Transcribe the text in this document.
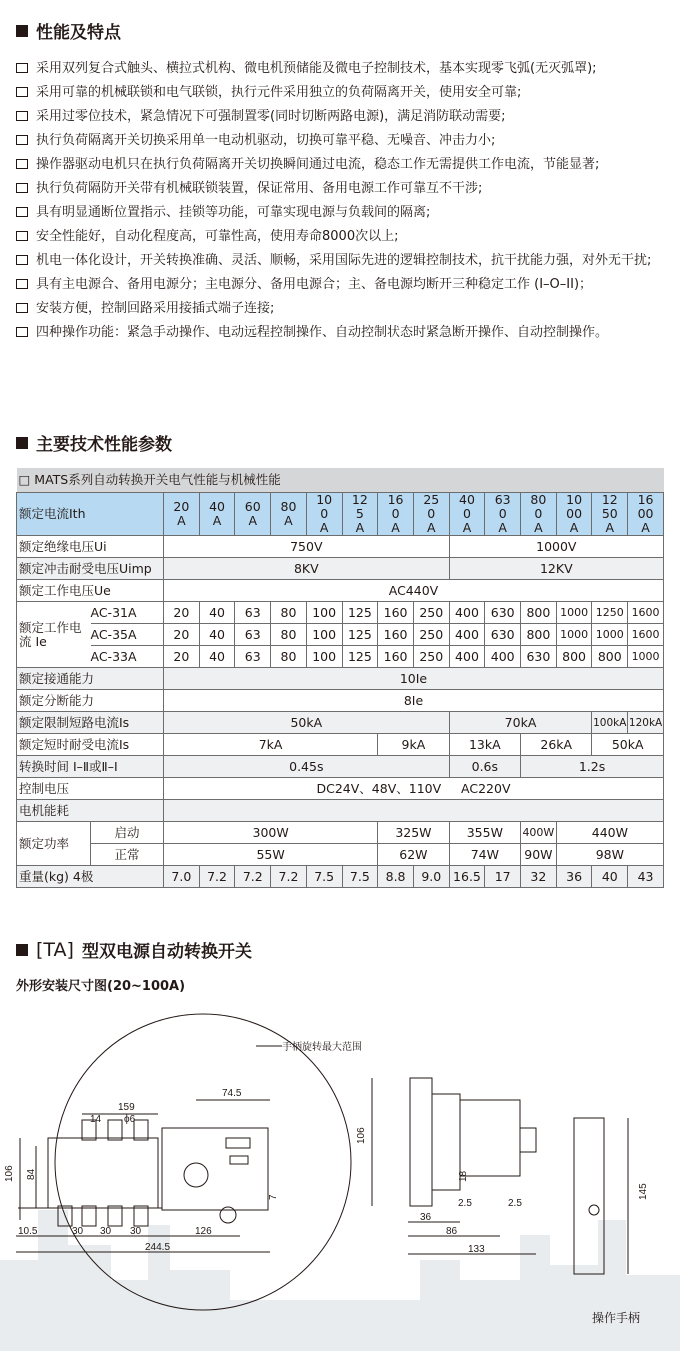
性能及特点
采用双列复合式触头、横拉式机构、微电机预储能及微电子控制技术，基本实现零飞弧(无灭弧罩);
采用可靠的机械联锁和电气联锁，执行元件采用独立的负荷隔离开关，使用安全可靠;
采用过零位技术，紧急情况下可强制置零(同时切断两路电源)，满足消防联动需要;
执行负荷隔离开关切换采用单一电动机驱动，切换可靠平稳、无噪音、冲击力小;
操作器驱动电机只在执行负荷隔离开关切换瞬间通过电流，稳态工作无需提供工作电流，节能显著;
执行负荷隔防开关带有机械联锁装置，保证常用、备用电源工作可靠互不干涉;
具有明显通断位置指示、挂锁等功能，可靠实现电源与负载间的隔离;
安全性能好，自动化程度高，可靠性高，使用寿命8000次以上;
机电一体化设计，开关转换准确、灵活、顺畅，采用国际先进的逻辑控制技术，抗干扰能力强，对外无干扰;
具有主电源合、备用电源分；主电源分、备用电源合；主、备电源均断开三种稳定工作 (I–O–II)；
安装方便，控制回路采用接插式端子连接;
四种操作功能：紧急手动操作、电动远程控制操作、自动控制状态时紧急断开操作、自动控制操作。
主要技术性能参数
□ MATS系列自动转换开关电气性能与机械性能															
额定电流Ith		20 A	40 A	60 A	80 A	100 A	125 A	160 A	250 A	400 A	630 A	800 A	1000 A	1250 A	1600 A
额定绝缘电压Ui		750V								1000V					
额定冲击耐受电压Uimp		8KV								12KV					
额定工作电压Ue		AC440V													
额定工作电流 Ie	AC-31A	20	40	63	80	100	125	160	250	400	630	800	1000	1250	1600
	AC-35A	20	40	63	80	100	125	160	250	400	630	800	1000	1000	1600
	AC-33A	20	40	63	80	100	125	160	250	400	400	630	800	800	1000
额定接通能力		10Ie													
额定分断能力		8Ie													
额定限制短路电流Is		50kA								70kA				100kA	120kA
额定短时耐受电流Is		7kA						9kA		13kA		26kA		50kA	
转换时间 Ⅰ–Ⅱ或Ⅱ–Ⅰ		0.45s								0.6s		1.2s			
控制电压		DC24V、48V、110V     AC220V													
电机能耗															
额定功率	启动	300W						325W		355W		400W	440W		
	正常	55W						62W		74W		90W	98W		
重量(kg) 4极		7.0	7.2	7.2	7.2	7.5	7.5	8.8	9.0	16.5	17	32	36	40	43
[TA] 型双电源自动转换开关
外形安装尺寸图(20~100A)
手柄旋转最大范围
159
14 ϕ6
74.5
106 84
7
10.5	30 30 30	126
244.5
106
18
2.5	2.5
36
86
133
145
操作手柄
